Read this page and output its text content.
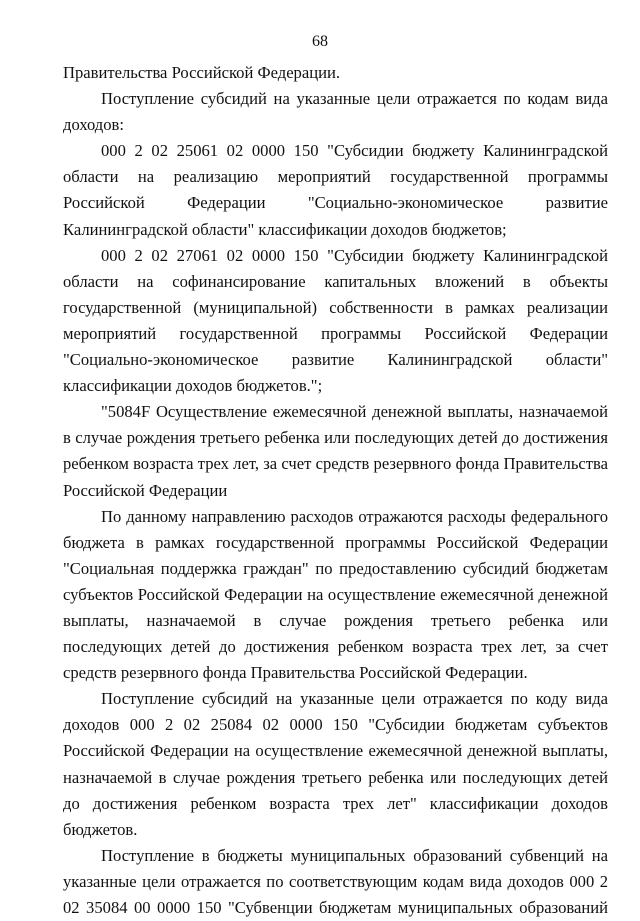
68

Правительства Российской Федерации.

Поступление субсидий на указанные цели отражается по кодам вида доходов:

000 2 02 25061 02 0000 150 "Субсидии бюджету Калининградской области на реализацию мероприятий государственной программы Российской Федерации "Социально-экономическое развитие Калининградской области" классификации доходов бюджетов;

000 2 02 27061 02 0000 150 "Субсидии бюджету Калининградской области на софинансирование капитальных вложений в объекты государственной (муниципальной) собственности в рамках реализации мероприятий государственной программы Российской Федерации "Социально-экономическое развитие Калининградской области" классификации доходов бюджетов.";

"5084F Осуществление ежемесячной денежной выплаты, назначаемой в случае рождения третьего ребенка или последующих детей до достижения ребенком возраста трех лет, за счет средств резервного фонда Правительства Российской Федерации

По данному направлению расходов отражаются расходы федерального бюджета в рамках государственной программы Российской Федерации "Социальная поддержка граждан" по предоставлению субсидий бюджетам субъектов Российской Федерации на осуществление ежемесячной денежной выплаты, назначаемой в случае рождения третьего ребенка или последующих детей до достижения ребенком возраста трех лет, за счет средств резервного фонда Правительства Российской Федерации.

Поступление субсидий на указанные цели отражается по коду вида доходов 000 2 02 25084 02 0000 150 "Субсидии бюджетам субъектов Российской Федерации на осуществление ежемесячной денежной выплаты, назначаемой в случае рождения третьего ребенка или последующих детей до достижения ребенком возраста трех лет" классификации доходов бюджетов.

Поступление в бюджеты муниципальных образований субвенций на указанные цели отражается по соответствующим кодам вида доходов 000 2 02 35084 00 0000 150 "Субвенции бюджетам муниципальных образований
